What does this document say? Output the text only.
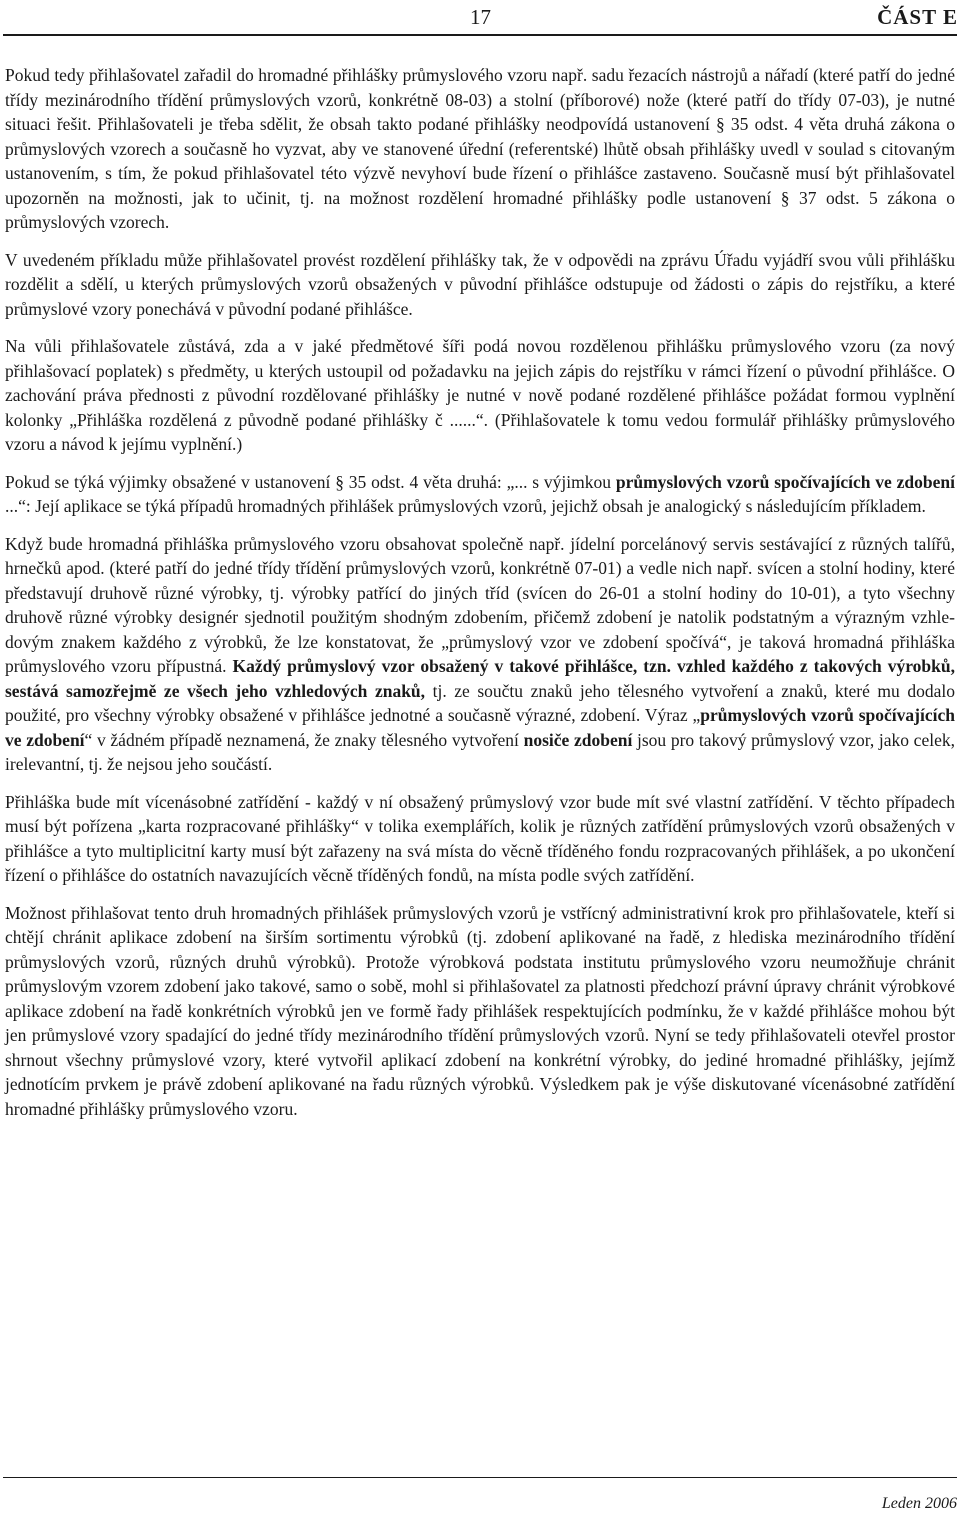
17	ČÁST E

Pokud tedy přihlašovatel zařadil do hromadné přihlášky průmyslového vzoru např. sadu řezacích nástrojů a nářadí (které patří do jedné třídy mezinárodního třídění průmyslových vzorů, konkrétně 08-03) a stolní (příborové) nože (které patří do třídy 07-03), je nutné situaci řešit. Přihlašovateli je třeba sdělit, že obsah takto podané přihlášky neodpovídá ustanovení § 35 odst. 4 věta druhá zákona o průmyslových vzorech a současně ho vyzvat, aby ve stanovené úřední (referentské) lhůtě obsah přihlášky uvedl v soulad s citovaným ustanovením, s tím, že pokud přihlašovatel této výzvě nevyhoví bude řízení o přihlášce zastaveno. Současně musí být přihlašovatel upozorněn na možnosti, jak to učinit, tj. na možnost rozdělení hromadné přihlášky podle ustanovení § 37 odst. 5 zákona o průmyslových vzorech.

V uvedeném příkladu může přihlašovatel provést rozdělení přihlášky tak, že v odpovědi na zprávu Úřadu vyjádří svou vůli přihlášku rozdělit a sdělí, u kterých průmyslových vzorů obsažených v původní přihlášce odstupuje od žádosti o zápis do rejstříku, a které průmyslové vzory ponechává v původní podané přihlášce.

Na vůli přihlašovatele zůstává, zda a v jaké předmětové šíři podá novou rozdělenou přihlášku průmyslového vzoru (za nový přihlašovací poplatek) s předměty, u kterých ustoupil od požadavku na jejich zápis do rejstříku v rámci řízení o původní přihlášce. O zachování práva přednosti z původní rozdělované přihlášky je nutné v nově podané rozdělené přihlášce požádat formou vyplnění kolonky „Přihláška rozdělená z původně podané přihlášky č ......“. (Přihlašovatele k tomu vedou formulář přihlášky průmyslového vzoru a návod k jejímu vyplnění.)

Pokud se týká výjimky obsažené v ustanovení § 35 odst. 4 věta druhá: „... s výjimkou průmyslových vzorů spočívajících ve zdobení ...“: Její aplikace se týká případů hromadných přihlášek průmyslových vzorů, jejichž obsah je analogický s následujícím příkladem.

Když bude hromadná přihláška průmyslového vzoru obsahovat společně např. jídelní porcelánový servis sestávající z různých talířů, hrnečků apod. (které patří do jedné třídy třídění průmyslových vzorů, konkrétně 07-01) a vedle nich např. svícen a stolní hodiny, které představují druhově různé výrobky, tj. výrobky patřící do jiných tříd (svícen do 26-01 a stolní hodiny do 10-01), a tyto všechny druhově různé výrobky designér sjednotil použitým shodným zdobením, přičemž zdobení je natolik podstatným a výrazným vzhledovým znakem každého z výrobků, že lze konstatovat, že „průmyslový vzor ve zdobení spočívá“, je taková hromadná přihláška průmyslového vzoru přípustná. Každý průmyslový vzor obsažený v takové přihlášce, tzn. vzhled každého z takových výrobků, sestává samozřejmě ze všech jeho vzhledových znaků, tj. ze součtu znaků jeho tělesného vytvoření a znaků, které mu dodalo použité, pro všechny výrobky obsažené v přihlášce jednotné a současně výrazné, zdobení. Výraz „průmyslových vzorů spočívajících ve zdobení“ v žádném případě neznamená, že znaky tělesného vytvoření nosiče zdobení jsou pro takový průmyslový vzor, jako celek, irelevantní, tj. že nejsou jeho součástí.

Přihláška bude mít vícenásobné zatřídění - každý v ní obsažený průmyslový vzor bude mít své vlastní zatřídění. V těchto případech musí být pořízena „karta rozpracované přihlášky“ v tolika exemplářích, kolik je různých zatřídění průmyslových vzorů obsažených v přihlášce a tyto multiplicitní karty musí být zařazeny na svá místa do věcně tříděného fondu rozpracovaných přihlášek, a po ukončení řízení o přihlášce do ostatních navazujících věcně tříděných fondů, na místa podle svých zatřídění.

Možnost přihlašovat tento druh hromadných přihlášek průmyslových vzorů je vstřícný administrativní krok pro přihlašovatele, kteří si chtějí chránit aplikace zdobení na širším sortimentu výrobků (tj. zdobení aplikované na řadě, z hlediska mezinárodního třídění průmyslových vzorů, různých druhů výrobků). Protože výrobková podstata institutu průmyslového vzoru neumožňuje chránit průmyslovým vzorem zdobení jako takové, samo o sobě, mohl si přihlašovatel za platnosti předchozí právní úpravy chránit výrobkové aplikace zdobení na řadě konkrétních výrobků jen ve formě řady přihlášek respektujících podmínku, že v každé přihlášce mohou být jen průmyslové vzory spadající do jedné třídy mezinárodního třídění průmyslových vzorů. Nyní se tedy přihlašovateli otevřel prostor shrnout všechny průmyslové vzory, které vytvořil aplikací zdobení na konkrétní výrobky, do jediné hromadné přihlášky, jejímž jednotícím prvkem je právě zdobení aplikované na řadu různých výrobků. Výsledkem pak je výše diskutované vícenásobné zatřídění hromadné přihlášky průmyslového vzoru.

Leden 2006
